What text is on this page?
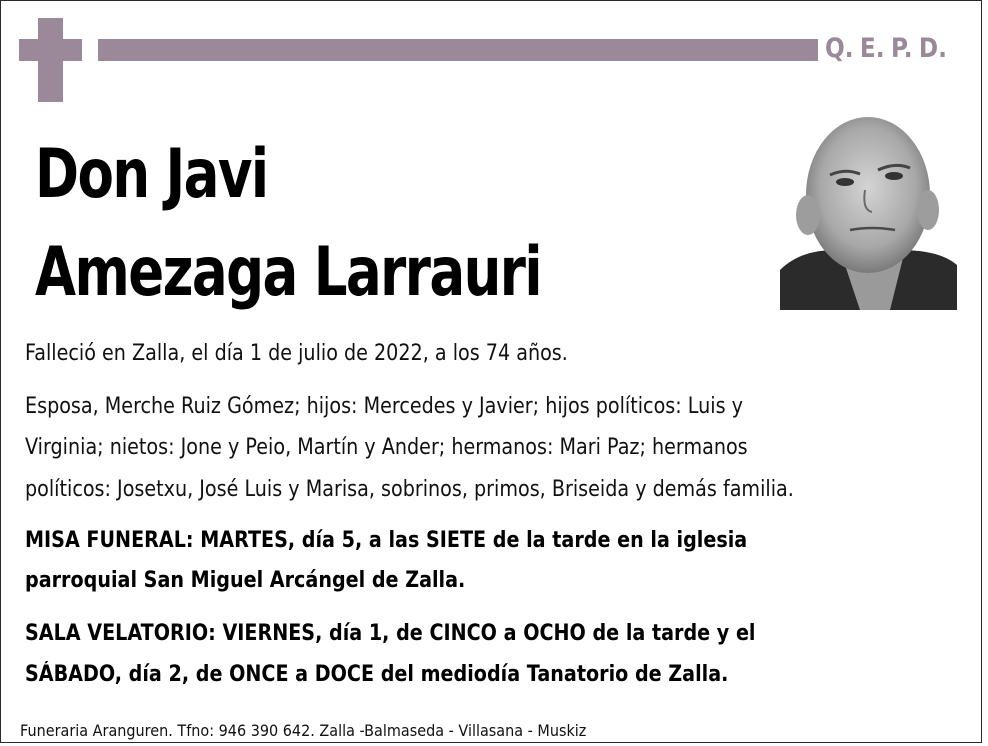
Q. E. P. D.
Don Javi
Amezaga Larrauri
Falleció en Zalla, el día 1 de julio de 2022, a los 74 años.
Esposa, Merche Ruiz Gómez; hijos: Mercedes y Javier; hijos políticos: Luis y
Virginia; nietos: Jone y Peio, Martín y Ander; hermanos: Mari Paz; hermanos
políticos: Josetxu, José Luis y Marisa, sobrinos, primos, Briseida y demás familia.
MISA FUNERAL: MARTES, día 5, a las SIETE de la tarde en la iglesia
parroquial San Miguel Arcángel de Zalla.
SALA VELATORIO: VIERNES, día 1, de CINCO a OCHO de la tarde y el
SÁBADO, día 2, de ONCE a DOCE del mediodía Tanatorio de Zalla.
Funeraria Aranguren. Tfno: 946 390 642. Zalla -Balmaseda - Villasana - Muskiz
